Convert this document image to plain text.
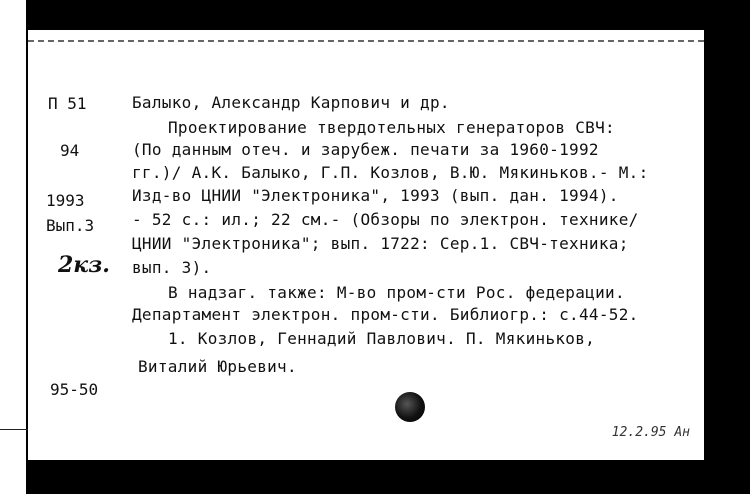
П 51
94
1993
Вып.3
2кз.
95-50
Балыко, Александр Карпович и др.
Проектирование твердотельных генераторов СВЧ:
(По данным отеч. и зарубеж. печати за 1960-1992
гг.)/ А.К. Балыко, Г.П. Козлов, В.Ю. Мякиньков.- М.:
Изд-во ЦНИИ "Электроника", 1993 (вып. дан. 1994).
- 52 с.: ил.; 22 см.- (Обзоры по электрон. технике/
ЦНИИ "Электроника"; вып. 1722: Сер.1. СВЧ-техника;
вып. 3).
В надзаг. также: М-во пром-сти Рос. федерации.
Департамент электрон. пром-сти. Библиогр.: с.44-52.
1. Козлов, Геннадий Павлович. П. Мякиньков,
Виталий Юрьевич.
12.2.95 Ан
